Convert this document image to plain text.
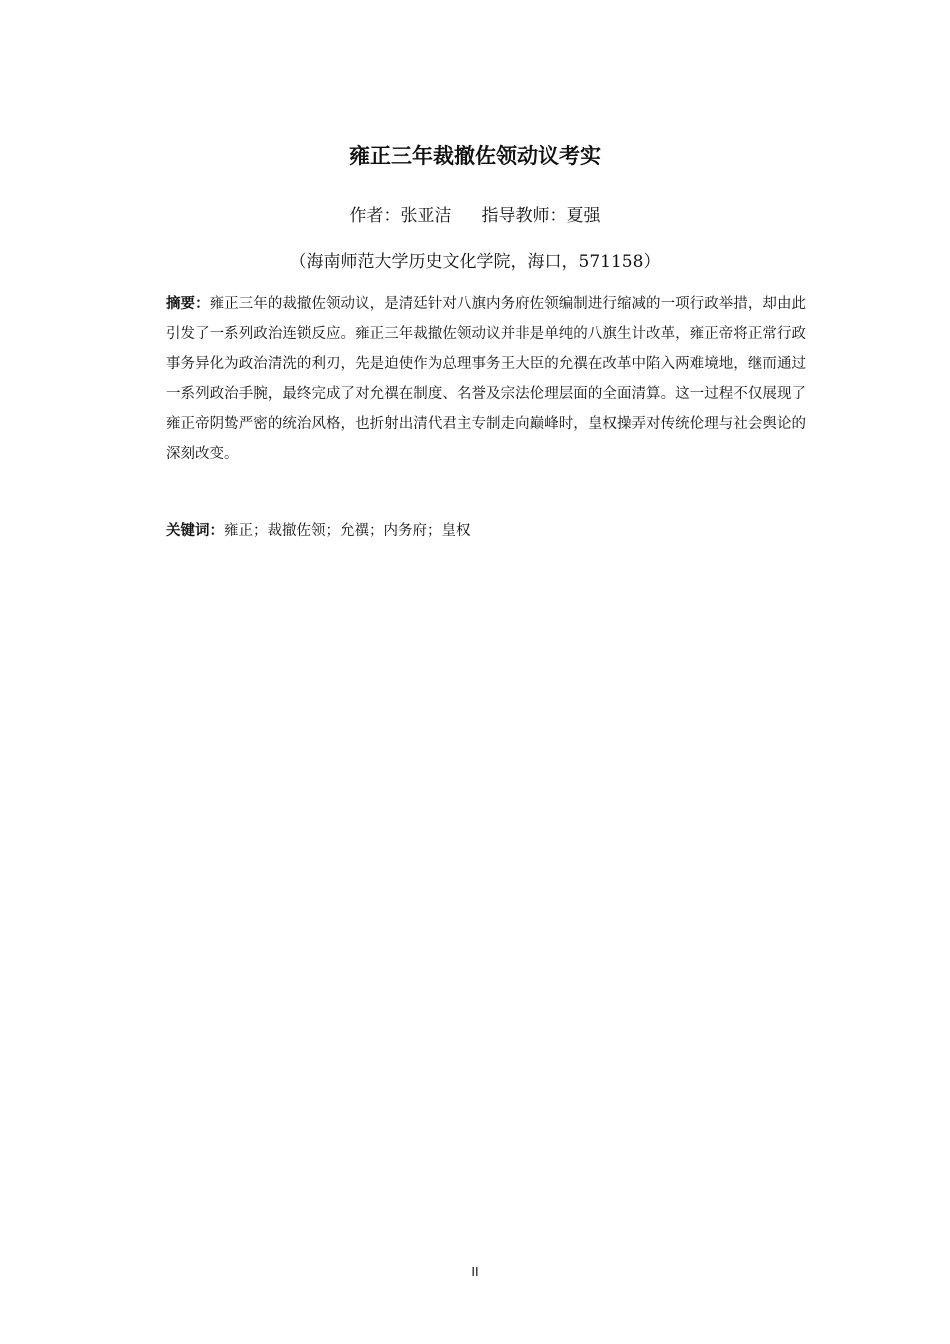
雍正三年裁撤佐领动议考实
作者：张亚洁 指导教师：夏强
（海南师范大学历史文化学院，海口，571158）
摘要：雍正三年的裁撤佐领动议，是清廷针对八旗内务府佐领编制进行缩减的一项行政举措，却由此引发了一系列政治连锁反应。雍正三年裁撤佐领动议并非是单纯的八旗生计改革，雍正帝将正常行政事务异化为政治清洗的利刃，先是迫使作为总理事务王大臣的允禩在改革中陷入两难境地，继而通过一系列政治手腕，最终完成了对允禩在制度、名誉及宗法伦理层面的全面清算。这一过程不仅展现了雍正帝阴鸷严密的统治风格，也折射出清代君主专制走向巅峰时，皇权操弄对传统伦理与社会舆论的深刻改变。
关键词：雍正；裁撤佐领；允禩；内务府；皇权
II
